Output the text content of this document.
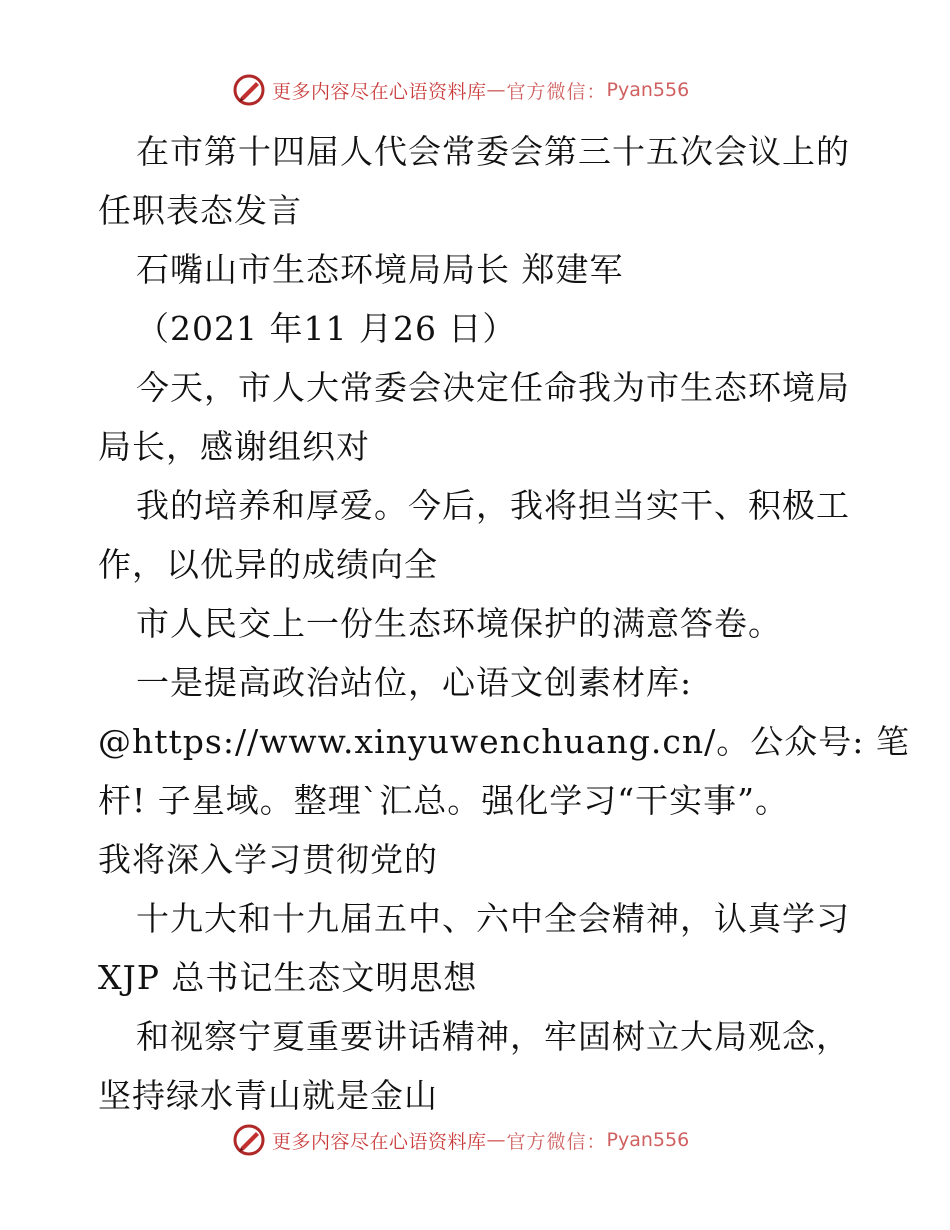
更多内容尽在心语资料库 — 官方微信： Pyan556
在市第十四届人代会常委会第三十五次会议上的
任职表态发言
石嘴山市生态环境局局长 郑建军
（2021 年11 月26 日）
今天，市人大常委会决定任命我为市生态环境局
局长，感谢组织对
我的培养和厚爱。今后，我将担当实干、积极工
作，以优异的成绩向全
市人民交上一份生态环境保护的满意答卷。
一是提高政治站位，心语文创素材库:
@https://www.xinyuwenchuang.cn/。公众号: 笔
杆! 子星域。整理`汇总。强化学习“干实事”。
我将深入学习贯彻党的
十九大和十九届五中、六中全会精神，认真学习
XJP 总书记生态文明思想
和视察宁夏重要讲话精神，牢固树立大局观念，
坚持绿水青山就是金山
更多内容尽在心语资料库 — 官方微信： Pyan556
